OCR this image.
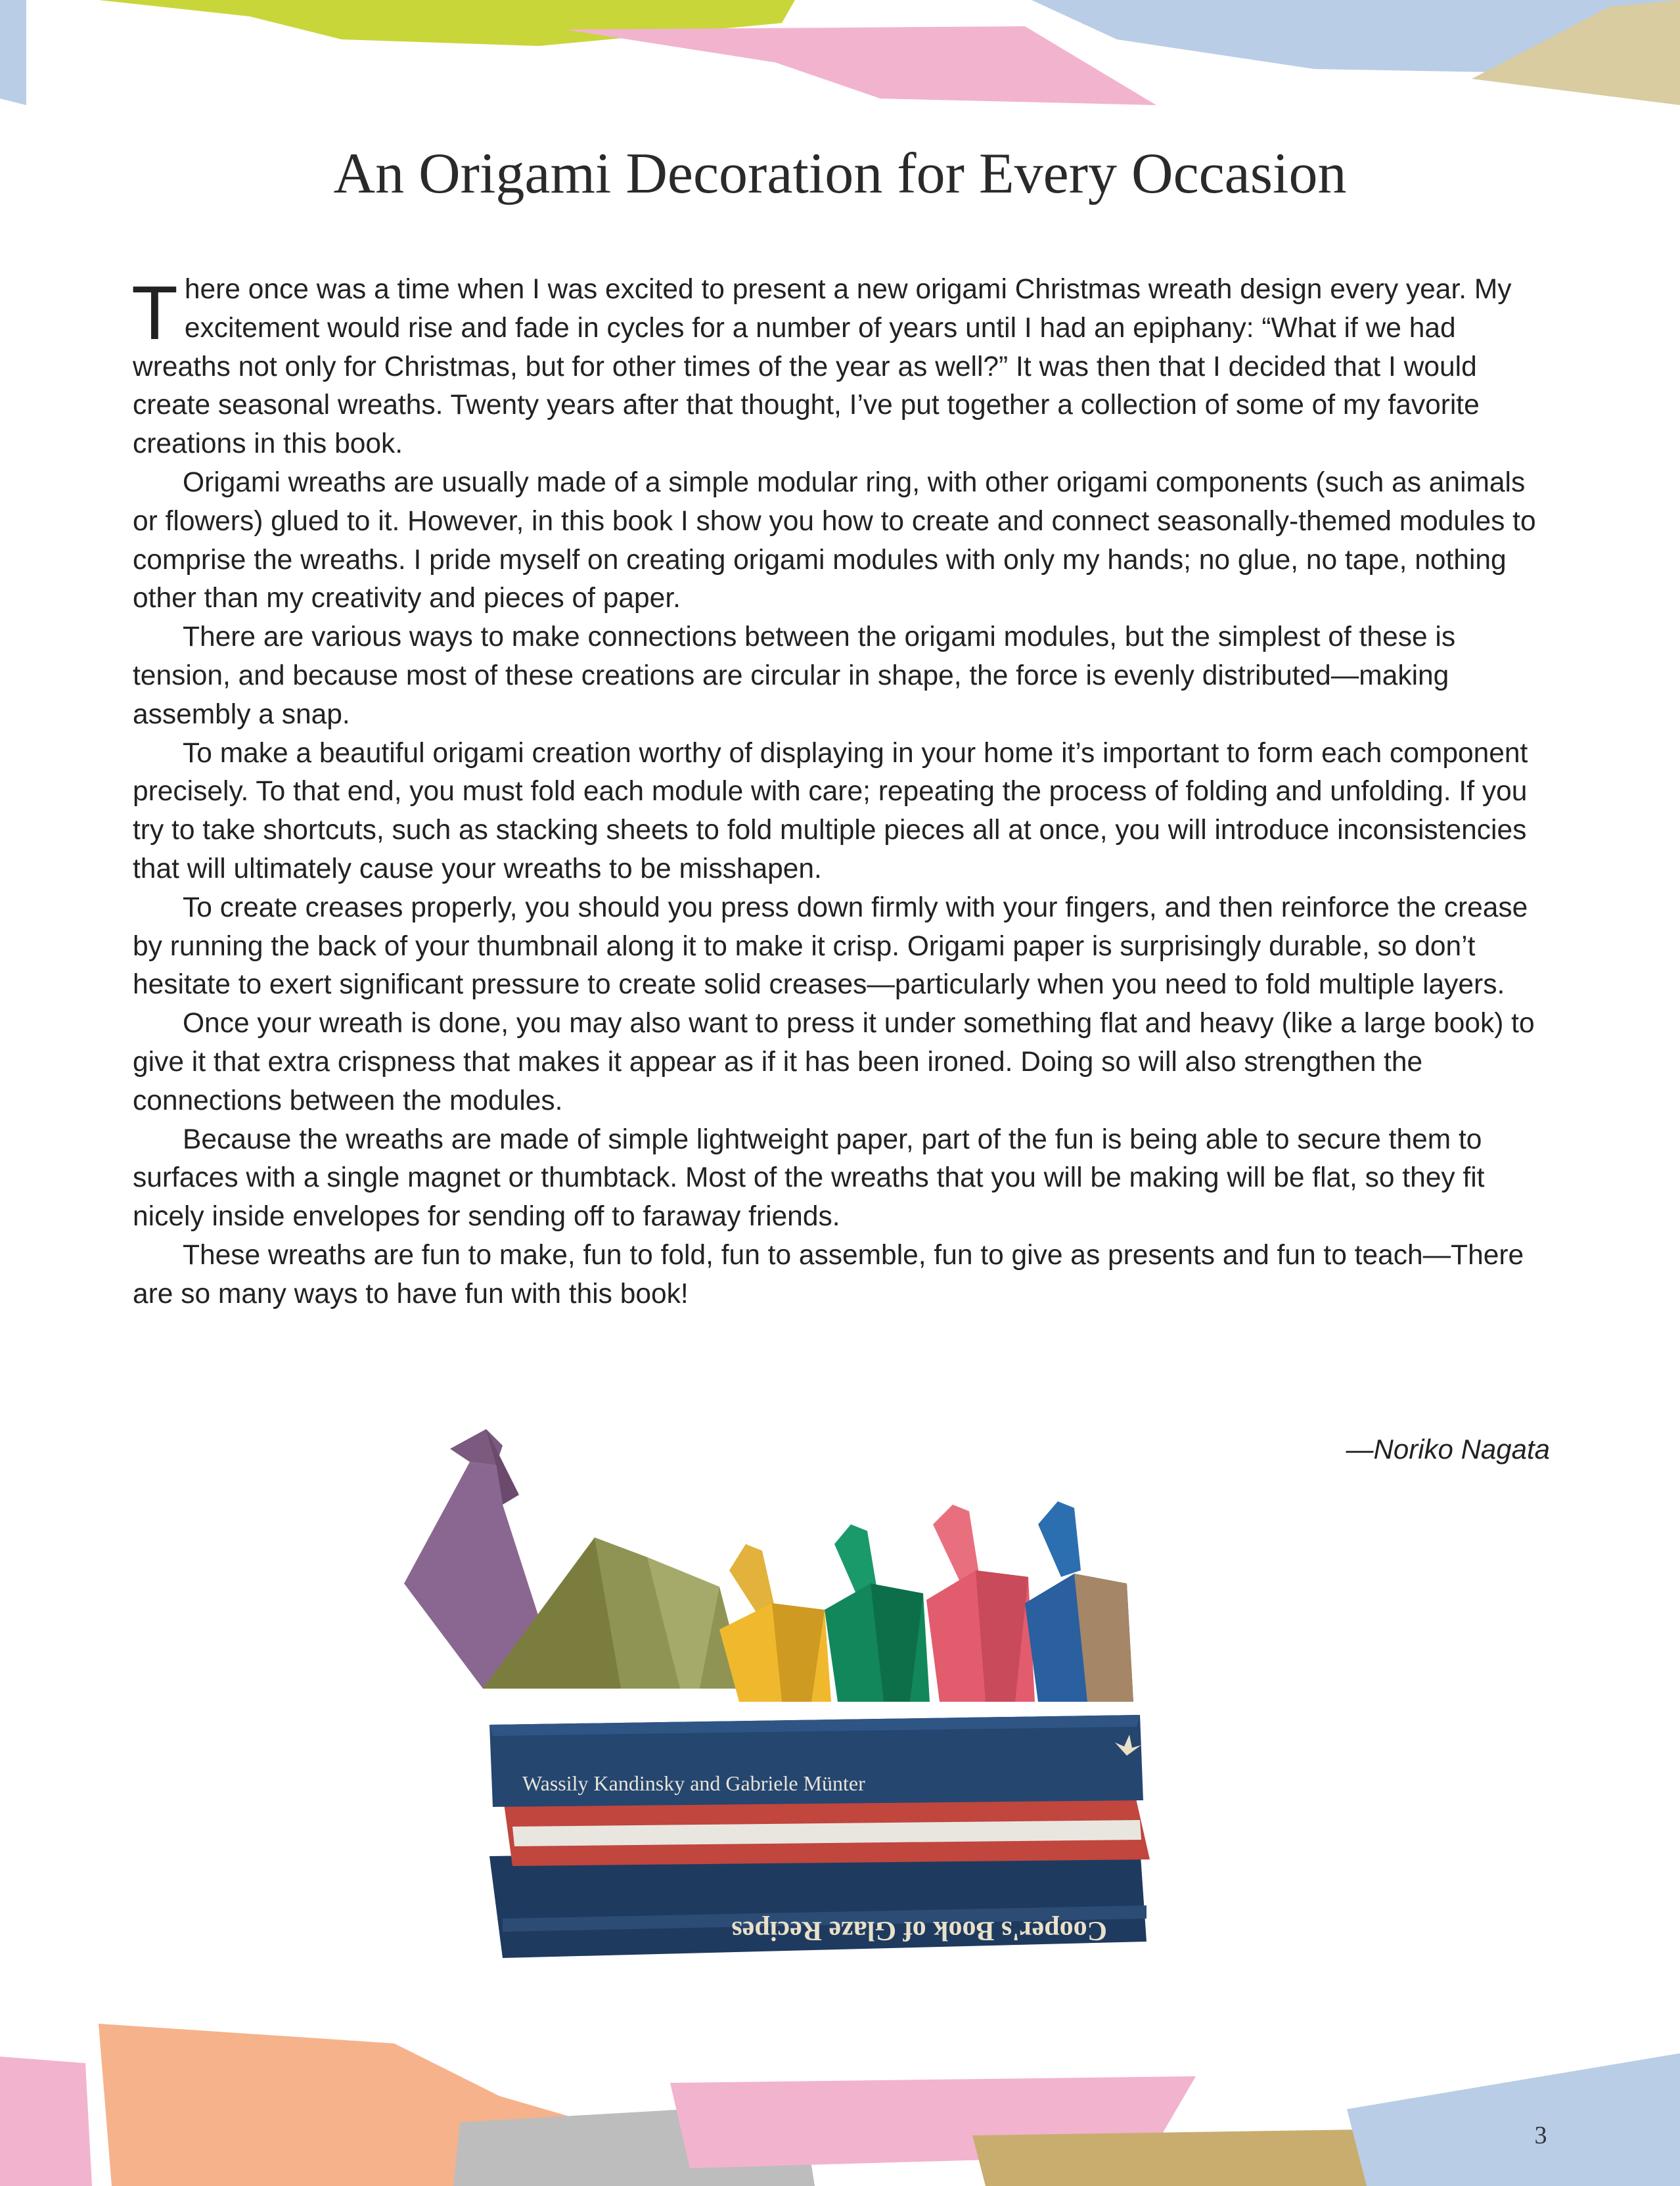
An Origami Decoration for Every Occasion

There once was a time when I was excited to present a new origami Christmas wreath design every year. My excitement would rise and fade in cycles for a number of years until I had an epiphany: “What if we had wreaths not only for Christmas, but for other times of the year as well?” It was then that I decided that I would create seasonal wreaths. Twenty years after that thought, I’ve put together a collection of some of my favorite creations in this book.

Origami wreaths are usually made of a simple modular ring, with other origami components (such as animals or flowers) glued to it. However, in this book I show you how to create and connect seasonally-themed modules to comprise the wreaths. I pride myself on creating origami modules with only my hands; no glue, no tape, nothing other than my creativity and pieces of paper.

There are various ways to make connections between the origami modules, but the simplest of these is tension, and because most of these creations are circular in shape, the force is evenly distributed—making assembly a snap.

To make a beautiful origami creation worthy of displaying in your home it’s important to form each component precisely. To that end, you must fold each module with care; repeating the process of folding and unfolding. If you try to take shortcuts, such as stacking sheets to fold multiple pieces all at once, you will introduce inconsistencies that will ultimately cause your wreaths to be misshapen.

To create creases properly, you should you press down firmly with your fingers, and then reinforce the crease by running the back of your thumbnail along it to make it crisp. Origami paper is surprisingly durable, so don’t hesitate to exert significant pressure to create solid creases—particularly when you need to fold multiple layers.

Once your wreath is done, you may also want to press it under something flat and heavy (like a large book) to give it that extra crispness that makes it appear as if it has been ironed. Doing so will also strengthen the connections between the modules.

Because the wreaths are made of simple lightweight paper, part of the fun is being able to secure them to surfaces with a single magnet or thumbtack. Most of the wreaths that you will be making will be flat, so they fit nicely inside envelopes for sending off to faraway friends.

These wreaths are fun to make, fun to fold, fun to assemble, fun to give as presents and fun to teach—There are so many ways to have fun with this book!

Wassily Kandinsky and Gabriele Münter
Cooper's Book of Glaze Recipes
—Noriko Nagata
3
